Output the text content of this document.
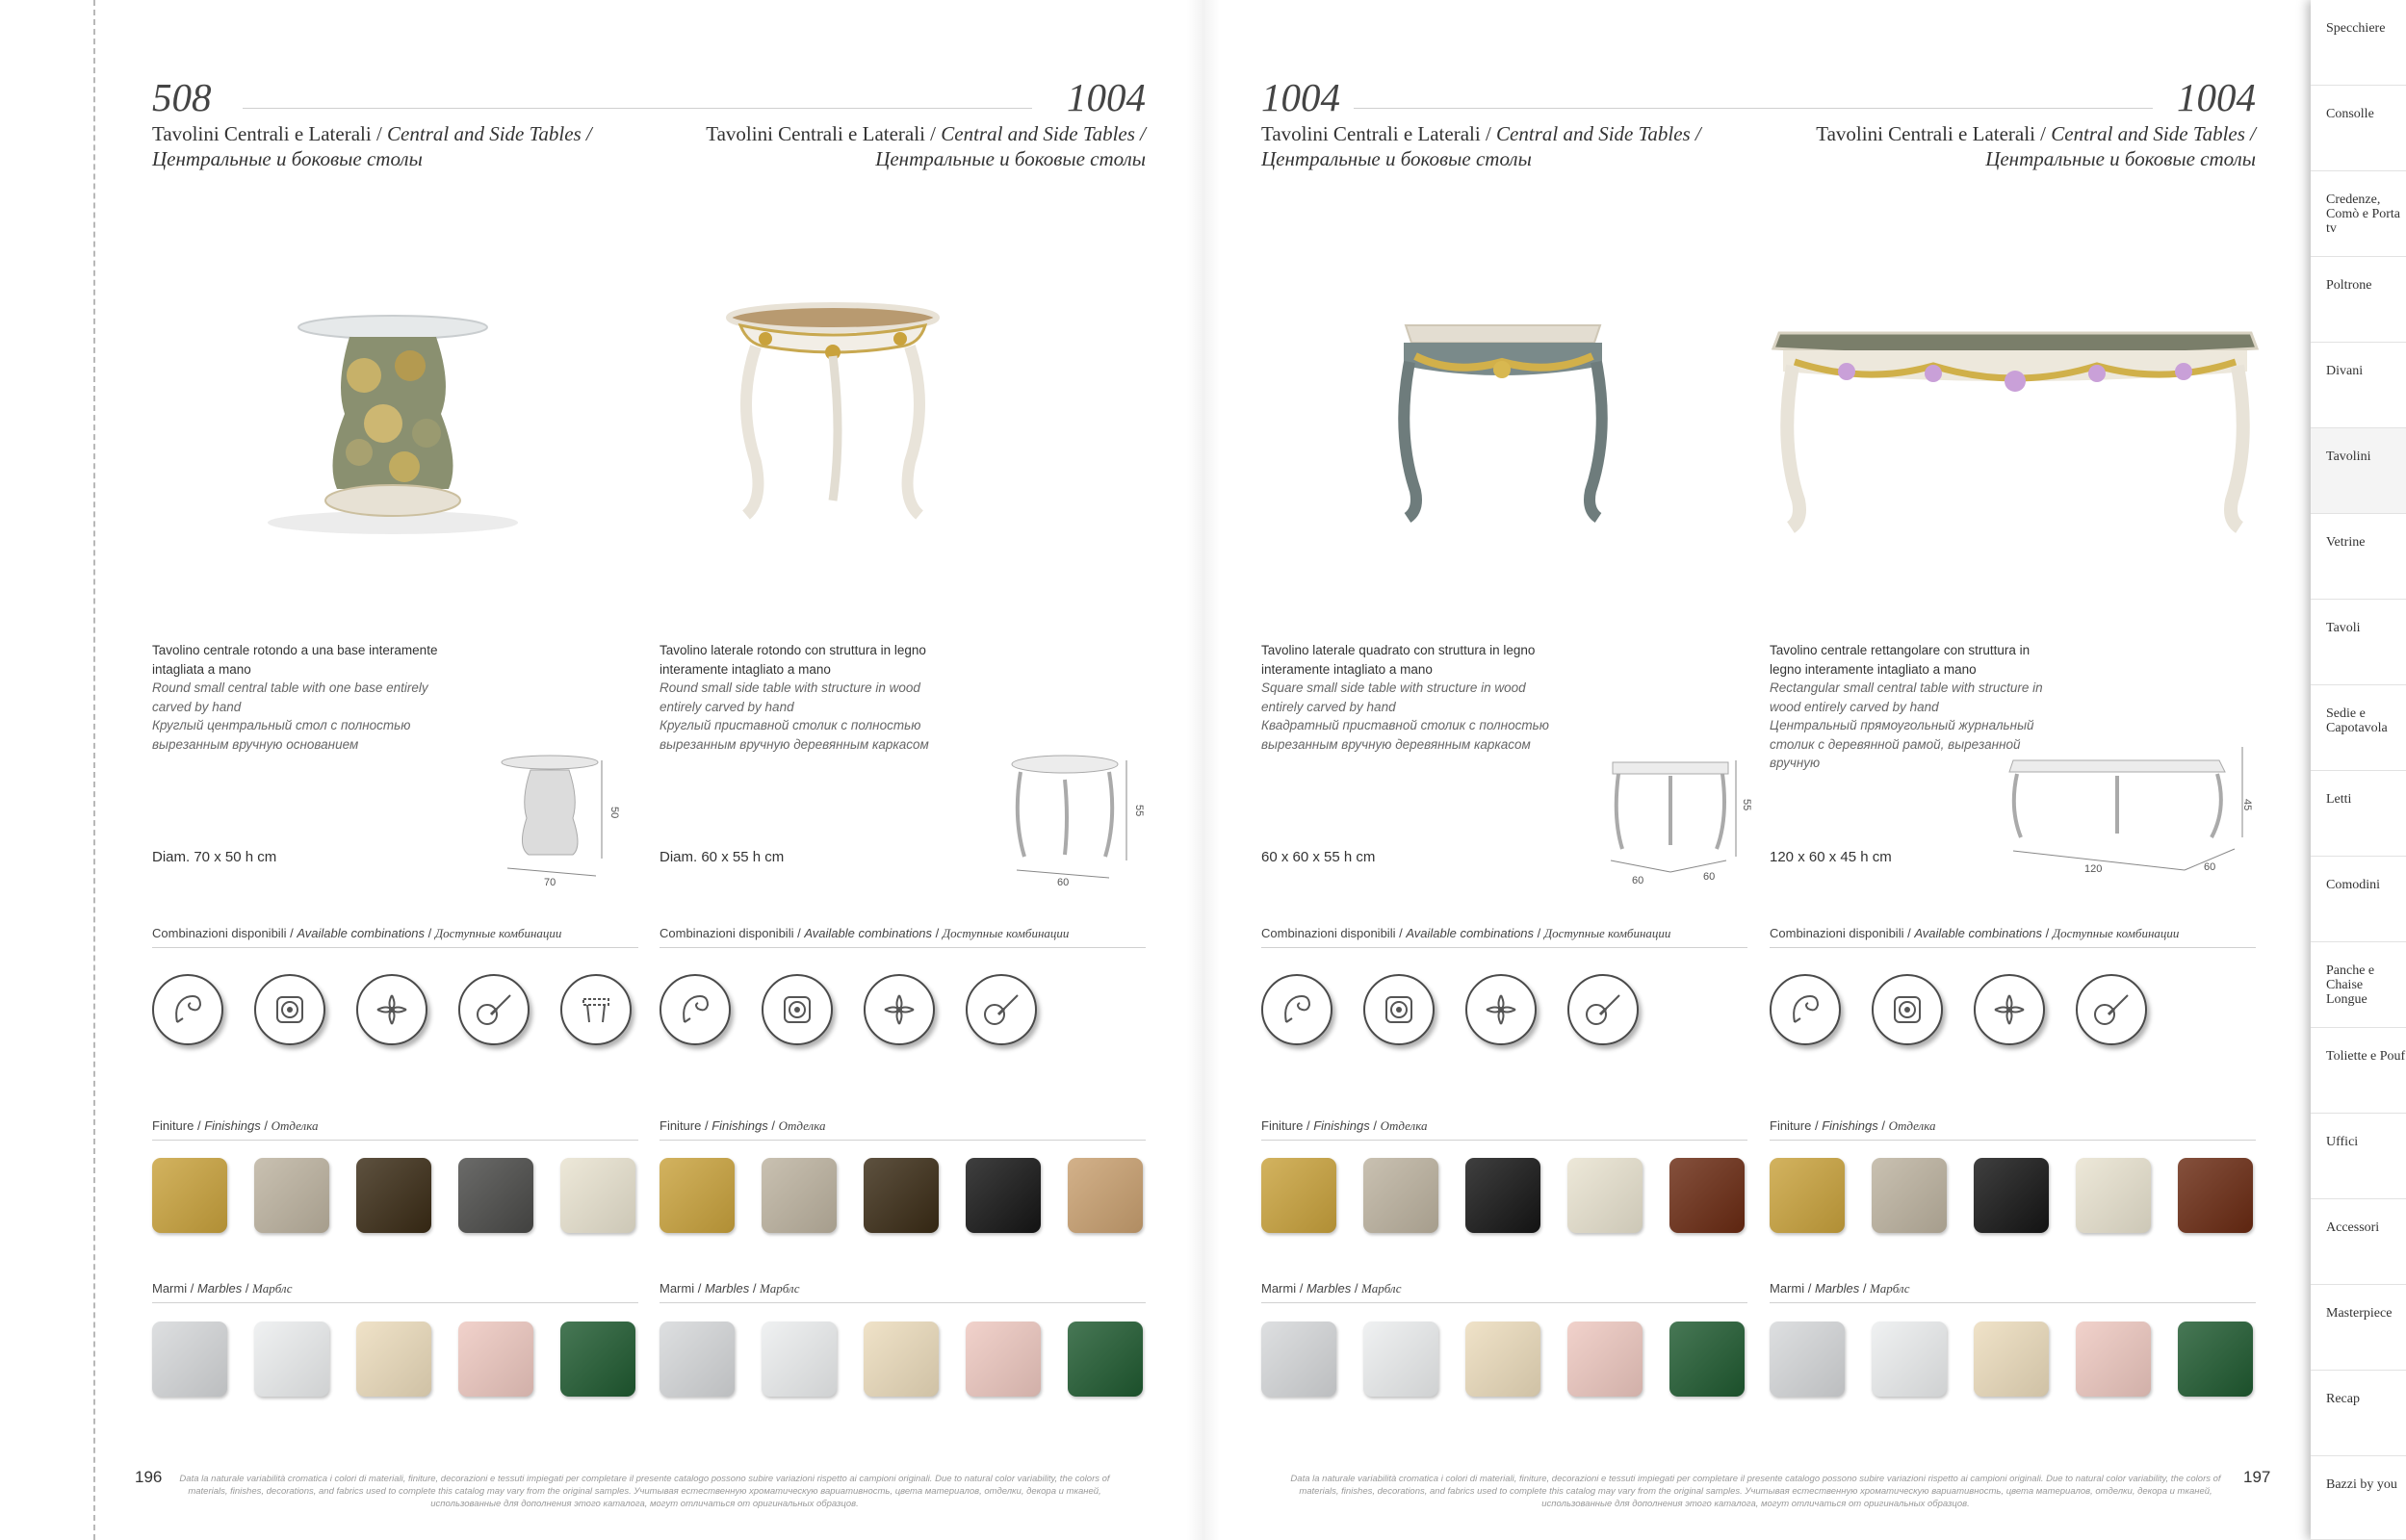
508
Tavolini Centrali e Laterali / Central and Side Tables /
Центральные и боковые столы
Tavolino centrale rotondo a una base interamente intagliata a mano
Round small central table with one base entirely carved by hand
Круглый центральный стол с полностью вырезанным вручную основанием
Diam. 70 x 50 h cm
70
50
Combinazioni disponibili / Available combinations / Доступные комбинации
Finiture / Finishings / Отделка
Marmi / Marbles / Марблс
1004
Tavolini Centrali e Laterali / Central and Side Tables /
Центральные и боковые столы
Tavolino laterale rotondo con struttura in legno interamente intagliato a mano
Round small side table with structure in wood entirely carved by hand
Круглый приставной столик с полностью вырезанным вручную деревянным каркасом
Diam. 60 x 55 h cm
60
55
Combinazioni disponibili / Available combinations / Доступные комбинации
Finiture / Finishings / Отделка
Marmi / Marbles / Марблс
1004
Tavolini Centrali e Laterali / Central and Side Tables /
Центральные и боковые столы
Tavolino laterale quadrato con struttura in legno interamente intagliato a mano
Square small side table with structure in wood entirely carved by hand
Квадратный приставной столик с полностью вырезанным вручную деревянным каркасом
60 x 60 x 55 h cm
60	60
55
Combinazioni disponibili / Available combinations / Доступные комбинации
Finiture / Finishings / Отделка
Marmi / Marbles / Марблс
1004
Tavolini Centrali e Laterali / Central and Side Tables /
Центральные и боковые столы
Tavolino centrale rettangolare con struttura in legno interamente intagliato a mano
Rectangular small central table with structure in wood entirely carved by hand
Центральный прямоугольный журнальный столик с деревянной рамой, вырезанной вручную
120 x 60 x 45 h cm
120	60
45
Combinazioni disponibili / Available combinations / Доступные комбинации
Finiture / Finishings / Отделка
Marmi / Marbles / Марблс
196	Data la naturale variabilità cromatica i colori di materiali, finiture, decorazioni e tessuti impiegati per completare il presente catalogo possono subire variazioni rispetto ai campioni originali. Due to natural color variability, the colors of materials, finishes, decorations, and fabrics used to complete this catalog may vary from the original samples. Учитывая естественную хроматическую вариативность, цвета материалов, отделки, декора и тканей, использованные для дополнения этого каталога, могут отличаться от оригинальных образцов.
Data la naturale variabilità cromatica i colori di materiali, finiture, decorazioni e tessuti impiegati per completare il presente catalogo possono subire variazioni rispetto ai campioni originali. Due to natural color variability, the colors of materials, finishes, decorations, and fabrics used to complete this catalog may vary from the original samples. Учитывая естественную хроматическую вариативность, цвета материалов, отделки, декора и тканей, использованные для дополнения этого каталога, могут отличаться от оригинальных образцов.
197
Specchiere
Consolle
Credenze, Comò e Porta tv
Poltrone
Divani
Tavolini
Vetrine
Tavoli
Sedie e Capotavola
Letti
Comodini
Panche e Chaise Longue
Toliette e Pouf
Uffici
Accessori
Masterpiece
Recap
Bazzi by you
